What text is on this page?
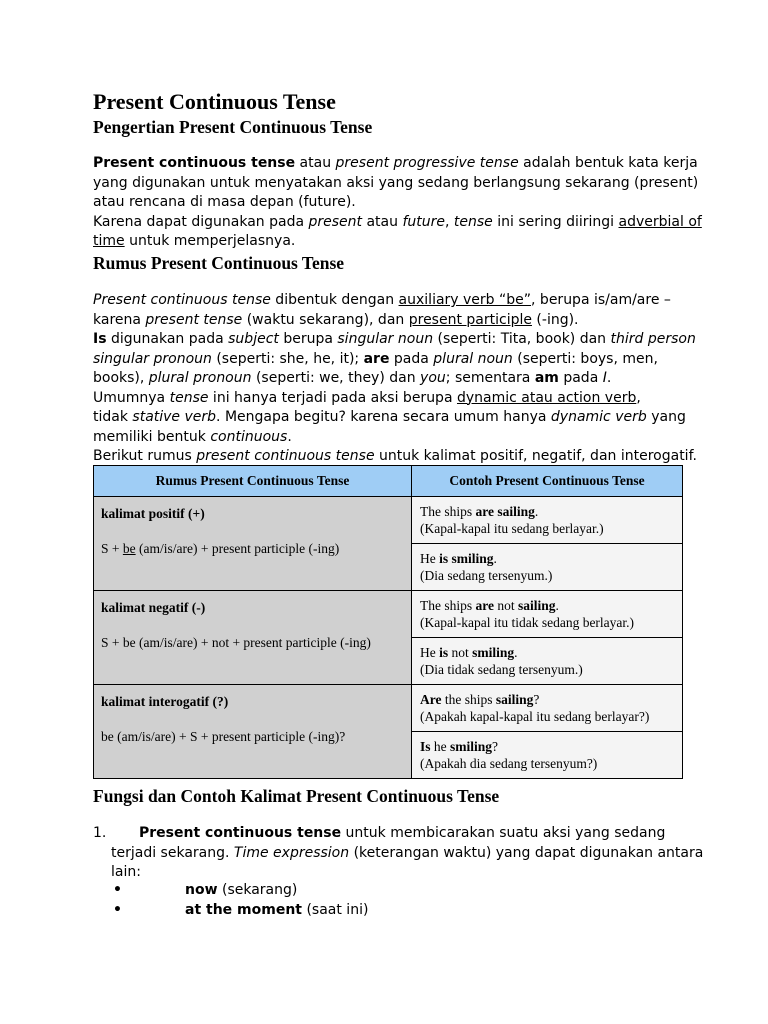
Present Continuous Tense
Pengertian Present Continuous Tense
Present continuous tense atau present progressive tense adalah bentuk kata kerja
yang digunakan untuk menyatakan aksi yang sedang berlangsung sekarang (present)
atau rencana di masa depan (future).
Karena dapat digunakan pada present atau future, tense ini sering diiringi adverbial of
time untuk memperjelasnya.
Rumus Present Continuous Tense
Present continuous tense dibentuk dengan auxiliary verb “be”, berupa is/am/are –
karena present tense (waktu sekarang), dan present participle (-ing).
Is digunakan pada subject berupa singular noun (seperti: Tita, book) dan third person
singular pronoun (seperti: she, he, it); are pada plural noun (seperti: boys, men,
books), plural pronoun (seperti: we, they) dan you; sementara am pada I.
Umumnya tense ini hanya terjadi pada aksi berupa dynamic atau action verb,
tidak stative verb. Mengapa begitu? karena secara umum hanya dynamic verb yang
memiliki bentuk continuous.
Berikut rumus present continuous tense untuk kalimat positif, negatif, dan interogatif.
Rumus Present Continuous Tense	Contoh Present Continuous Tense

kalimat positif (+)
S + be (am/is/are) + present participle (-ing)	The ships are sailing.
(Kapal-kapal itu sedang berlayar.)
	He is smiling.
(Dia sedang tersenyum.)

kalimat negatif (-)
S + be (am/is/are) + not + present participle (-ing)	The ships are not sailing.
(Kapal-kapal itu tidak sedang berlayar.)
	He is not smiling.
(Dia tidak sedang tersenyum.)

kalimat interogatif (?)
be (am/is/are) + S + present participle (-ing)?	Are the ships sailing?
(Apakah kapal-kapal itu sedang berlayar?)
	Is he smiling?
(Apakah dia sedang tersenyum?)
Fungsi dan Contoh Kalimat Present Continuous Tense
1. Present continuous tense untuk membicarakan suatu aksi yang sedang
terjadi sekarang. Time expression (keterangan waktu) yang dapat digunakan antara
lain:
•	now (sekarang)
•	at the moment (saat ini)
